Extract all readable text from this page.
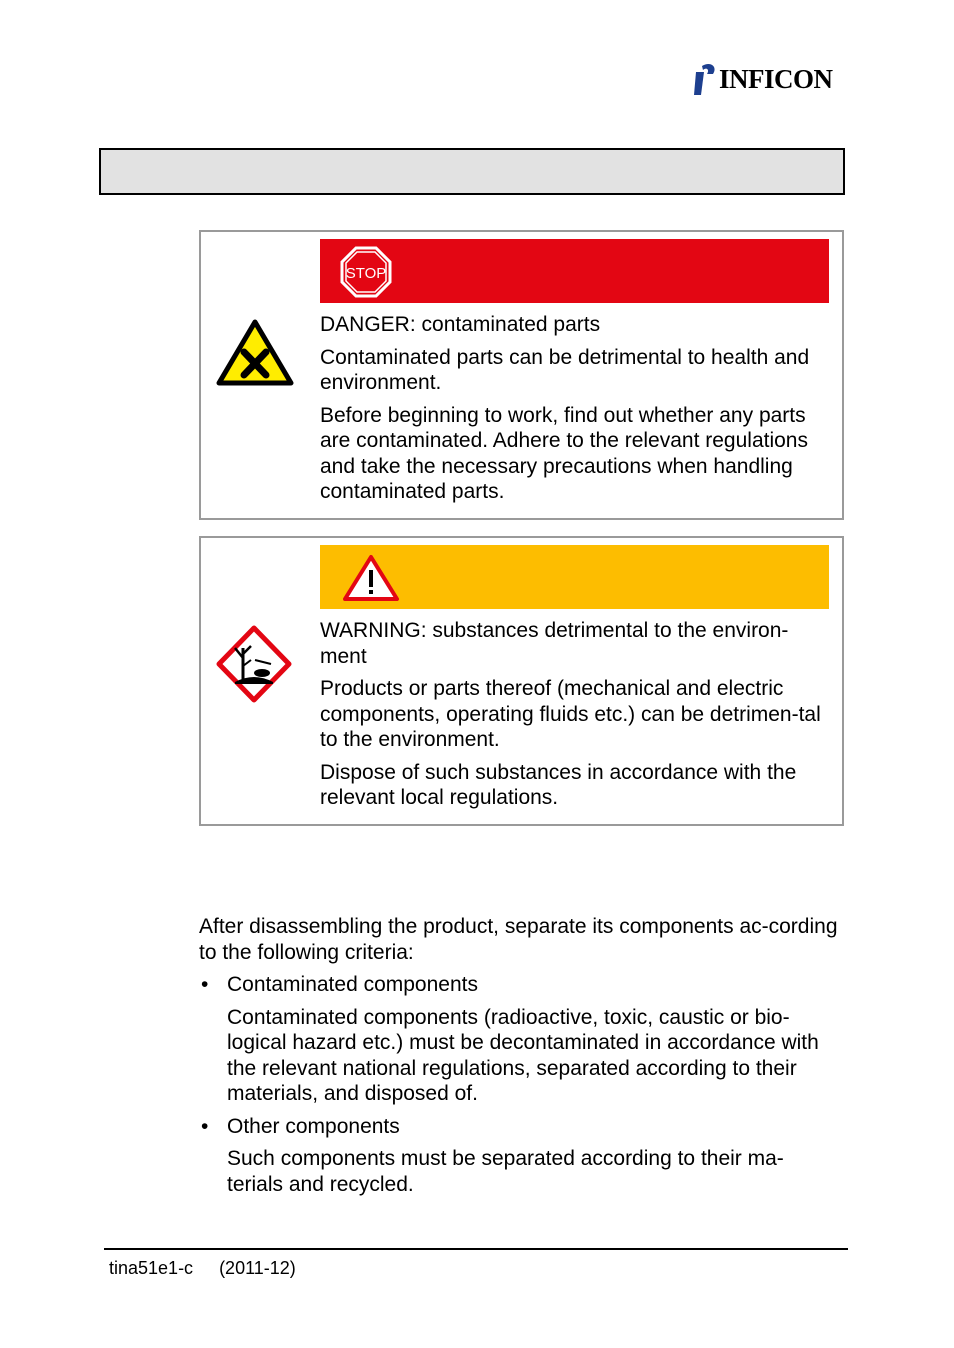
INFICON
STOP

DANGER: contaminated parts

Contaminated parts can be detrimental to health and environment.

Before beginning to work, find out whether any parts are contaminated. Adhere to the relevant regulations and take the necessary precautions when handling contaminated parts.

WARNING: substances detrimental to the environ-ment

Products or parts thereof (mechanical and electric components, operating fluids etc.) can be detrimen-tal to the environment.

Dispose of such substances in accordance with the relevant local regulations.

After disassembling the product, separate its components ac-cording to the following criteria:

• Contaminated components

Contaminated components (radioactive, toxic, caustic or bio-logical hazard etc.) must be decontaminated in accordance with the relevant national regulations, separated according to their materials, and disposed of.

• Other components

Such components must be separated according to their ma-terials and recycled.

tina51e1-c (2011-12)
